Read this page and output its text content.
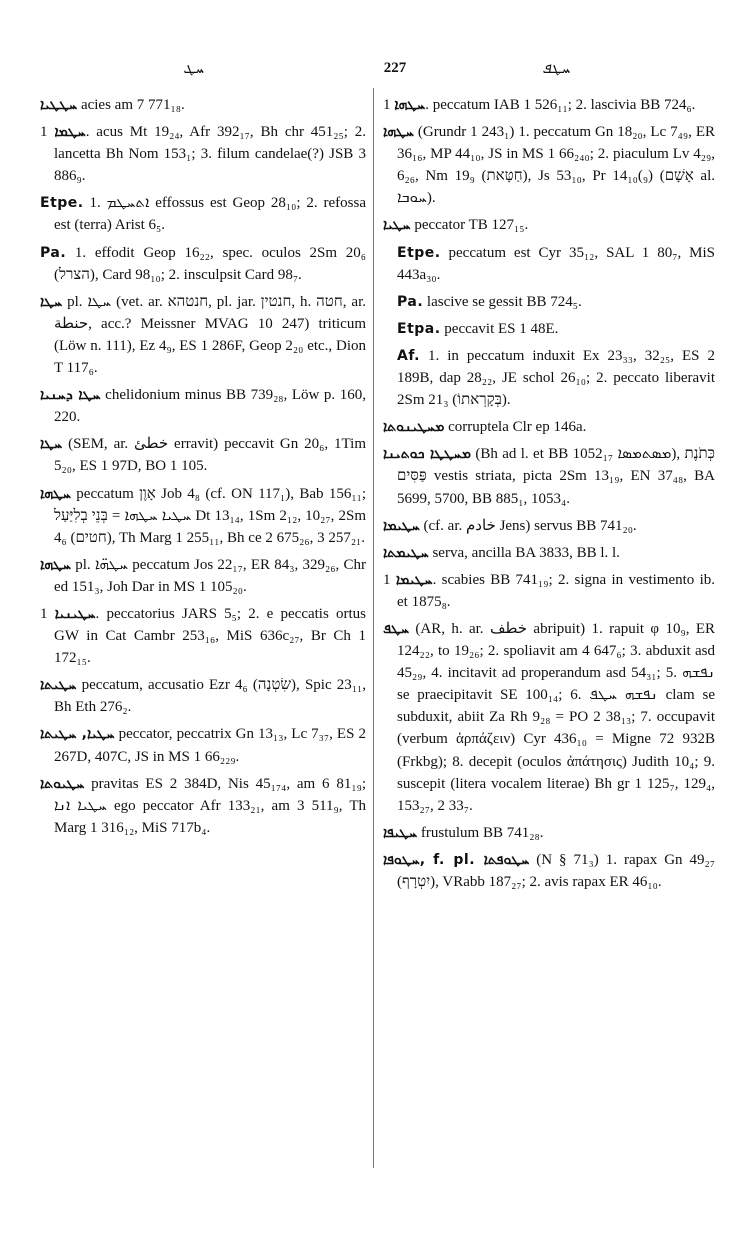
ܚܛ	227	ܚܛܦ

ܚܛܛܝܐ acies am 7 771₁₈.

ܚܛܡܐ 1. acus Mt 19₂₄, Afr 392₁₇, Bh chr 451₂₅; 2. lancetta Bh Nom 153₁; 3. filum candelae(?) JSB 3 886₉.

Etpe. 1. ܐܬܚܛܡ effossus est Geop 28₁₀; 2. refossa est (terra) Arist 6₅.

Pa. 1. effodit Geop 16₂₂, spec. oculos 2Sm 20₆ (הצרל), Card 98₁₀; 2. insculpsit Card 98₇.

ܚܛܐ pl. ܚܛܐ (vet. ar. חנטהא, pl. jar. חנטין, h. חטה, ar. حنطة, acc.? Meissner MVAG 10 247) triticum (Löw n. 111), Ez 4₉, ES 1 286F, Geop 2₂₀ etc., Dion T 117₆.

ܚܛܐ ܕܚܢܝܐ chelidonium minus BB 739₂₈, Löw p. 160, 220.

ܚܛܐ (SEM, ar. خطئ erravit) peccavit Gn 20₆, 1Tim 5₂₀, ES 1 97D, BO 1 105.

ܚܛܗܐ peccatum אָוֶן Job 4₈ (cf. ON 117₁), Bab 156₁₁; ܚܛܝܐ ܚܛܗܐ = בְּנֵי בְלִיַּעַל Dt 13₁₄, 1Sm 2₁₂, 10₂₇, 2Sm 4₆ (חטים), Th Marg 1 255₁₁, Bh ce 2 675₂₆, 3 257₂₁.

ܚܛܗܐ pl. ܚܛܗ̈ܐ peccatum Jos 22₁₇, ER 84₃, 329₂₆, Chr ed 151₃, Joh Dar in MS 1 105₂₀.

ܚܛܝܢܝܐ 1. peccatorius JARS 5₅; 2. e peccatis ortus GW in Cat Cambr 253₁₆, MiS 636c₂₇, Br Ch 1 172₁₅.

ܚܛܝܬܐ peccatum, accusatio Ezr 4₆ (שִׂטְנָה), Spic 23₁₁, Bh Eth 276₂.

ܚܛܝܐ, ܚܛܝܬܐ peccator, peccatrix Gn 13₁₃, Lc 7₃₇, ES 2 267D, 407C, JS in MS 1 66₂₂₉.

ܚܛܝܘܬܐ pravitas ES 2 384D, Nis 45₁₇₄, am 6 81₁₉; ܚܛܝܐ ܐܢܐ ego peccator Afr 133₂₁, am 3 511₉, Th Marg 1 316₁₂, MiS 717b₄.

ܚܛܗܐ 1. peccatum IAB 1 526₁₁; 2. lascivia BB 724₆.

ܚܛܗܐ (Grundr 1 243₁) 1. peccatum Gn 18₂₀, Lc 7₄₉, ER 36₁₆, MP 44₁₀, JS in MS 1 66₂₄₀; 2. piaculum Lv 4₂₉, 6₂₆, Nm 19₉ (חַטָּאת), Js 53₁₀, Pr 14₁₀(₉) (אָשָׁם al. ܚܘܒܐ).

ܚܛܝܐ peccator TB 127₁₅.

Etpe. peccatum est Cyr 35₁₂, SAL 1 80₇, MiS 443a₃₀.

Pa. lascive se gessit BB 724₅.

Etpa. peccavit ES 1 48E.

Af. 1. in peccatum induxit Ex 23₃₃, 32₂₅, ES 2 189B, dap 28₂₂, JE schol 26₁₀; 2. peccato liberavit 2Sm 21₃ (בְּקָרְאתוֹ).

ܡܚܛܝܢܘܬܐ corruptela Clr ep 146a.

ܡܚܛܛܐ ܟܘܬܝܢܐ (Bh ad l. et BB 1052₁₇ ܡܣܬܡܣܐ), כְּתֹנֶת פַּסִּים vestis striata, picta 2Sm 13₁₉, EN 37₄₈, BA 5699, 5700, BB 885₁, 1053₄.

ܚܛܝܡܐ (cf. ar. خادم Jens) servus BB 741₂₀.

ܚܛܝܡܬܐ serva, ancilla BA 3833, BB l. l.

ܚܛܝܡܐ 1. scabies BB 741₁₉; 2. signa in vestimento ib. et 1875₈.

ܚܛܦ (AR, h. ar. خطف abripuit) 1. rapuit φ 10₉, ER 124₂₂, to 19₂₆; 2. spoliavit am 4 647₆; 3. abduxit asd 45₂₉, 4. incitavit ad properandum asd 54₃₁; 5. ܢܦܫܗ se praecipitavit SE 100₁₄; 6. ܢܦܫܗ ܚܛܦ clam se subduxit, abiit Za Rh 9₂₈ = PO 2 38₁₃; 7. occupavit (verbum ἁρπάζειν) Cyr 436₁₀ = Migne 72 932B (Frkbg); 8. decepit (oculos ἀπάτησις) Judith 10₄; 9. suscepit (litera vocalem literae) Bh gr 1 125₇, 129₄, 153₂₇, 2 33₇.

ܚܛܝܦܐ frustulum BB 741₂₈.

ܚܛܘܦܐ, f. pl. ܚܛܘܦܬܐ (N § 71₃) 1. rapax Gn 49₂₇ (יִטְרָף), VRabb 187₂₇; 2. avis rapax ER 46₁₀.
